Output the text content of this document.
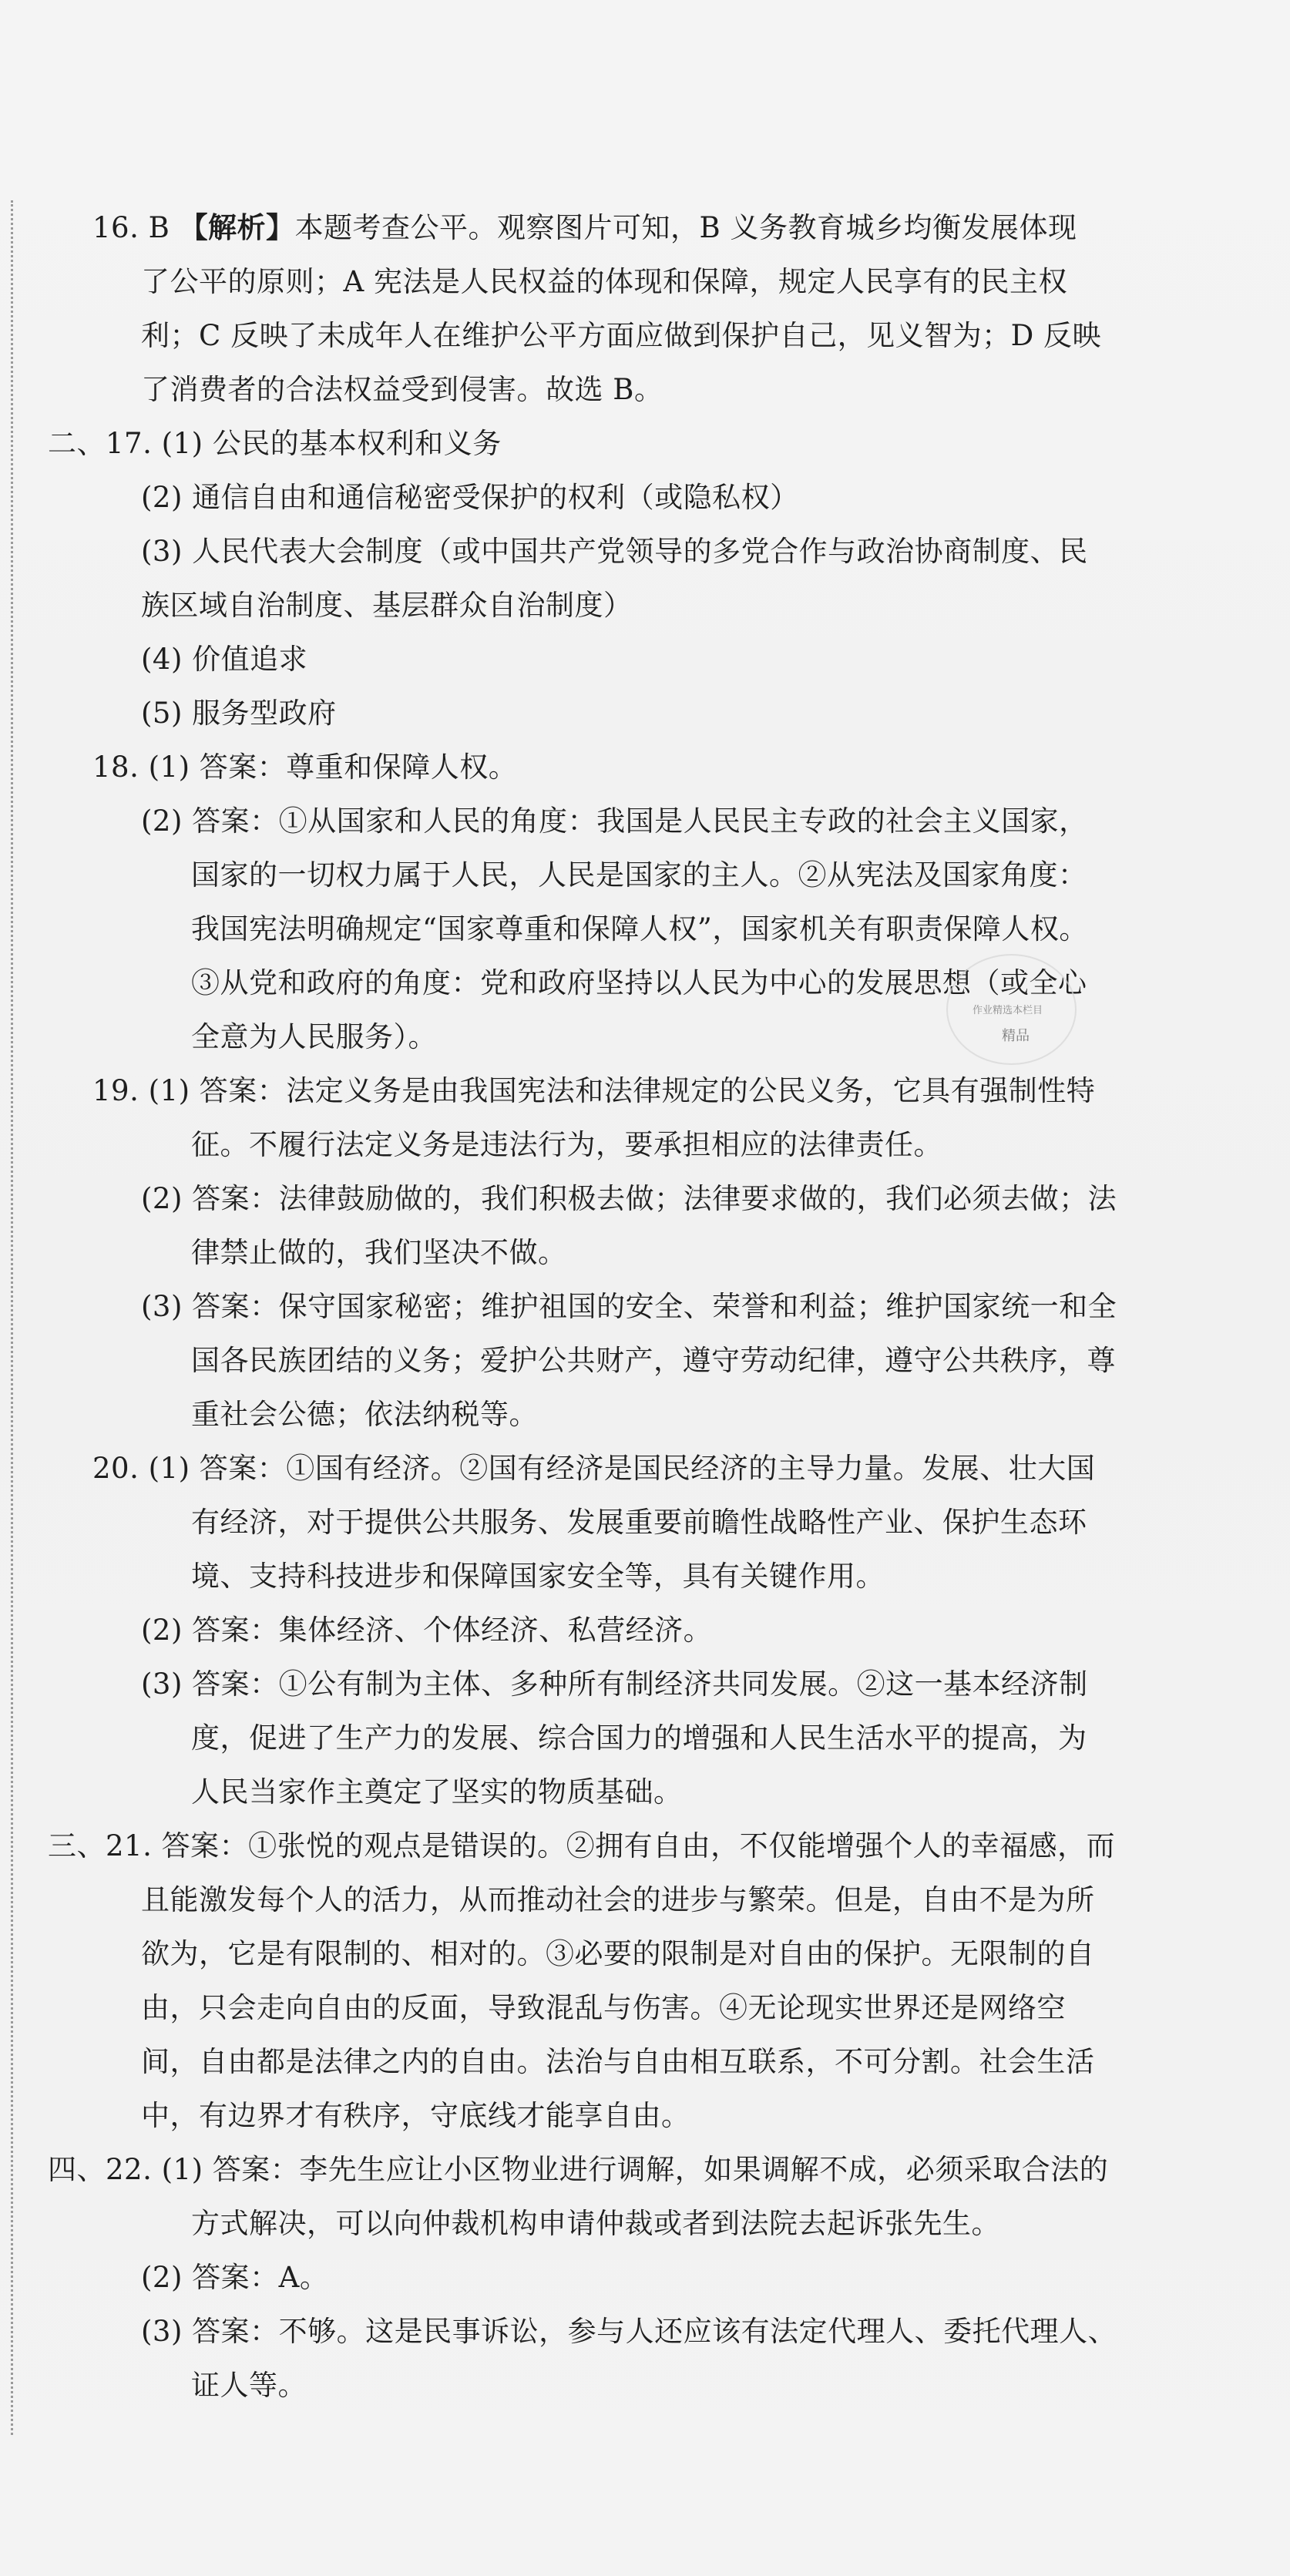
16. B 【解析】本题考查公平。观察图片可知，B 义务教育城乡均衡发展体现
了公平的原则；A 宪法是人民权益的体现和保障，规定人民享有的民主权
利；C 反映了未成年人在维护公平方面应做到保护自己，见义智为；D 反映
了消费者的合法权益受到侵害。故选 B。
二、17. (1) 公民的基本权利和义务
(2) 通信自由和通信秘密受保护的权利（或隐私权）
(3) 人民代表大会制度（或中国共产党领导的多党合作与政治协商制度、民
族区域自治制度、基层群众自治制度）
(4) 价值追求
(5) 服务型政府
18. (1) 答案：尊重和保障人权。
(2) 答案：①从国家和人民的角度：我国是人民民主专政的社会主义国家，
国家的一切权力属于人民，人民是国家的主人。②从宪法及国家角度：
我国宪法明确规定“国家尊重和保障人权”，国家机关有职责保障人权。
③从党和政府的角度：党和政府坚持以人民为中心的发展思想（或全心
全意为人民服务）。
19. (1) 答案：法定义务是由我国宪法和法律规定的公民义务，它具有强制性特
征。不履行法定义务是违法行为，要承担相应的法律责任。
(2) 答案：法律鼓励做的，我们积极去做；法律要求做的，我们必须去做；法
律禁止做的，我们坚决不做。
(3) 答案：保守国家秘密；维护祖国的安全、荣誉和利益；维护国家统一和全
国各民族团结的义务；爱护公共财产，遵守劳动纪律，遵守公共秩序，尊
重社会公德；依法纳税等。
20. (1) 答案：①国有经济。②国有经济是国民经济的主导力量。发展、壮大国
有经济，对于提供公共服务、发展重要前瞻性战略性产业、保护生态环
境、支持科技进步和保障国家安全等，具有关键作用。
(2) 答案：集体经济、个体经济、私营经济。
(3) 答案：①公有制为主体、多种所有制经济共同发展。②这一基本经济制
度，促进了生产力的发展、综合国力的增强和人民生活水平的提高，为
人民当家作主奠定了坚实的物质基础。
三、21. 答案：①张悦的观点是错误的。②拥有自由，不仅能增强个人的幸福感，而
且能激发每个人的活力，从而推动社会的进步与繁荣。但是，自由不是为所
欲为，它是有限制的、相对的。③必要的限制是对自由的保护。无限制的自
由，只会走向自由的反面，导致混乱与伤害。④无论现实世界还是网络空
间，自由都是法律之内的自由。法治与自由相互联系，不可分割。社会生活
中，有边界才有秩序，守底线才能享自由。
四、22. (1) 答案：李先生应让小区物业进行调解，如果调解不成，必须采取合法的
方式解决，可以向仲裁机构申请仲裁或者到法院去起诉张先生。
(2) 答案：A。
(3) 答案：不够。这是民事诉讼，参与人还应该有法定代理人、委托代理人、
证人等。
作业精选本栏目
精品
